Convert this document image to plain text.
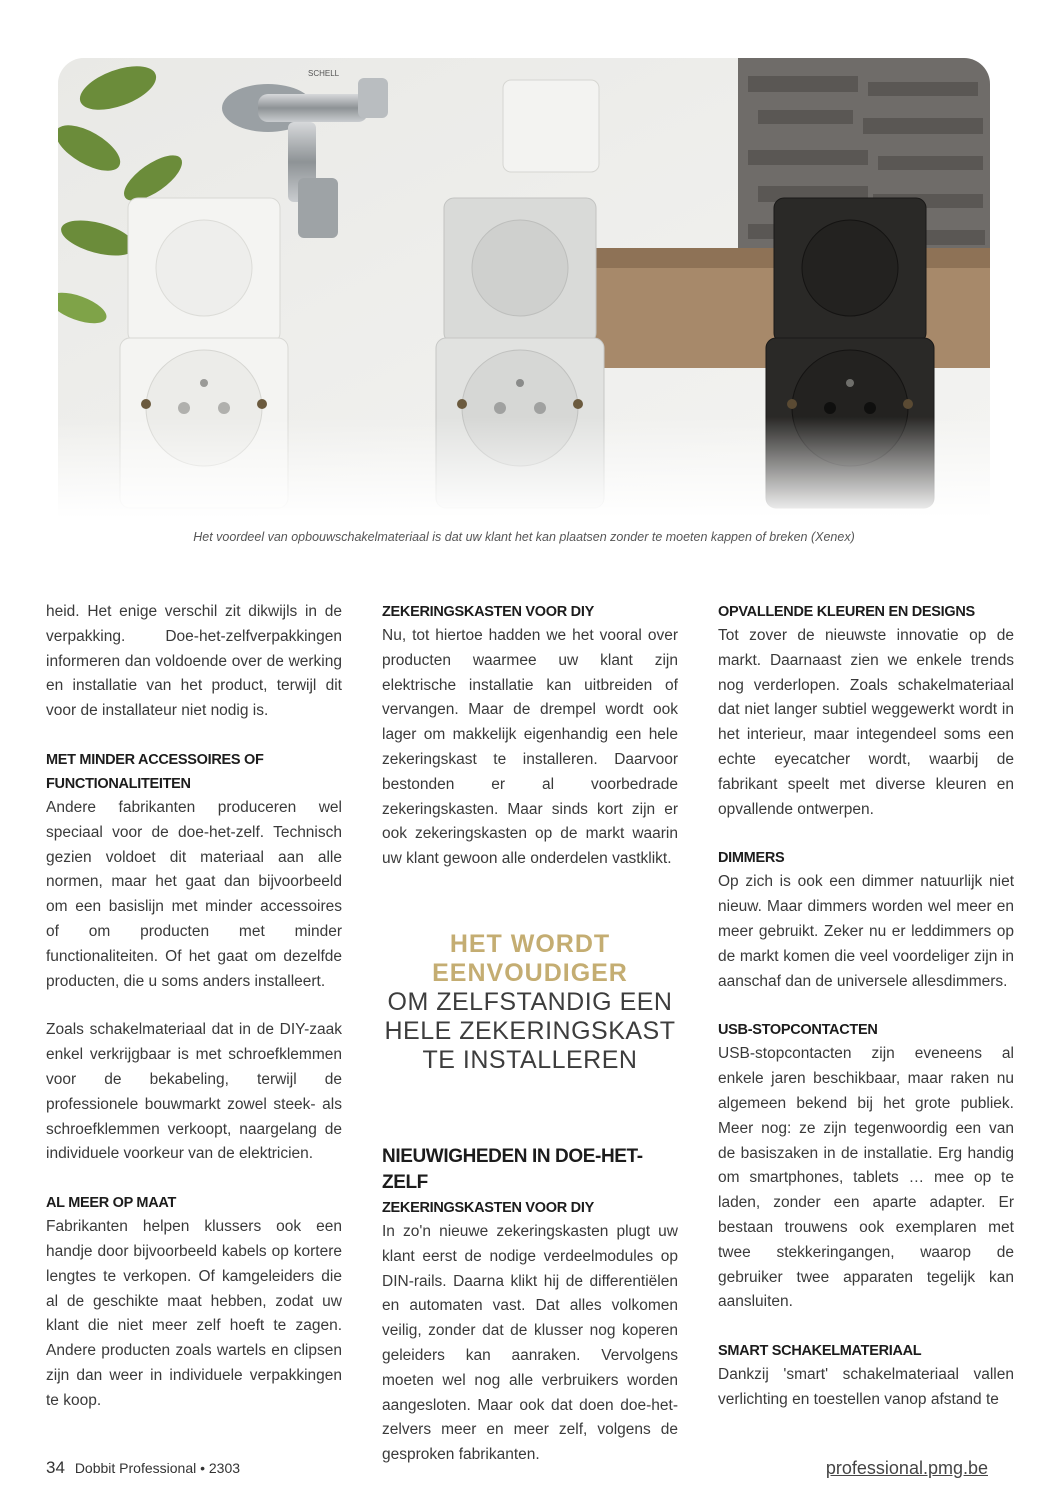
Het voordeel van opbouwschakelmateriaal is dat uw klant het kan plaatsen zonder te moeten kappen of breken (Xenex)

heid. Het enige verschil zit dikwijls in de verpakking. Doe-het-zelfverpakkingen informeren dan voldoende over de werking en installatie van het product, terwijl dit voor de installateur niet nodig is.

MET MINDER ACCESSOIRES OF FUNCTIONALITEITEN

Andere fabrikanten produceren wel speciaal voor de doe-het-zelf. Technisch gezien voldoet dit materiaal aan alle normen, maar het gaat dan bijvoorbeeld om een basislijn met minder accessoires of om producten met minder functionaliteiten. Of het gaat om dezelfde producten, die u soms anders installeert.

Zoals schakelmateriaal dat in de DIY-zaak enkel verkrijgbaar is met schroefklemmen voor de bekabeling, terwijl de professionele bouwmarkt zowel steek- als schroefklemmen verkoopt, naargelang de individuele voorkeur van de elektricien.

AL MEER OP MAAT

Fabrikanten helpen klussers ook een handje door bijvoorbeeld kabels op kortere lengtes te verkopen. Of kamgeleiders die al de geschikte maat hebben, zodat uw klant die niet meer zelf hoeft te zagen. Andere producten zoals wartels en clipsen zijn dan weer in individuele verpakkingen te koop.

ZEKERINGSKASTEN VOOR DIY

Nu, tot hiertoe hadden we het vooral over producten waarmee uw klant zijn elektrische installatie kan uitbreiden of vervangen. Maar de drempel wordt ook lager om makkelijk eigenhandig een hele zekeringskast te installeren. Daarvoor bestonden er al voorbedrade zekeringskasten. Maar sinds kort zijn er ook zekeringskasten op de markt waarin uw klant gewoon alle onderdelen vastklikt.

HET WORDT EENVOUDIGER
OM ZELFSTANDIG EEN HELE ZEKERINGSKAST TE INSTALLEREN

NIEUWIGHEDEN IN DOE-HET-ZELF

ZEKERINGSKASTEN VOOR DIY

In zo'n nieuwe zekeringskasten plugt uw klant eerst de nodige verdeelmodules op DIN-rails. Daarna klikt hij de differentiëlen en automaten vast. Dat alles volkomen veilig, zonder dat de klusser nog koperen geleiders kan aanraken. Vervolgens moeten wel nog alle verbruikers worden aangesloten. Maar ook dat doen doe-het-zelvers meer en meer zelf, volgens de gesproken fabrikanten.

OPVALLENDE KLEUREN EN DESIGNS

Tot zover de nieuwste innovatie op de markt. Daarnaast zien we enkele trends nog verderlopen. Zoals schakelmateriaal dat niet langer subtiel weggewerkt wordt in het interieur, maar integendeel soms een echte eyecatcher wordt, waarbij de fabrikant speelt met diverse kleuren en opvallende ontwerpen.

DIMMERS

Op zich is ook een dimmer natuurlijk niet nieuw. Maar dimmers worden wel meer en meer gebruikt. Zeker nu er leddimmers op de markt komen die veel voordeliger zijn in aanschaf dan de universele allesdimmers.

USB-STOPCONTACTEN

USB-stopcontacten zijn eveneens al enkele jaren beschikbaar, maar raken nu algemeen bekend bij het grote publiek. Meer nog: ze zijn tegenwoordig een van de basiszaken in de installatie. Erg handig om smartphones, tablets … mee op te laden, zonder een aparte adapter. Er bestaan trouwens ook exemplaren met twee stekkeringangen, waarop de gebruiker twee apparaten tegelijk kan aansluiten.

SMART SCHAKELMATERIAAL

Dankzij 'smart' schakelmateriaal vallen verlichting en toestellen vanop afstand te

34 Dobbit Professional • 2303	professional.pmg.be
